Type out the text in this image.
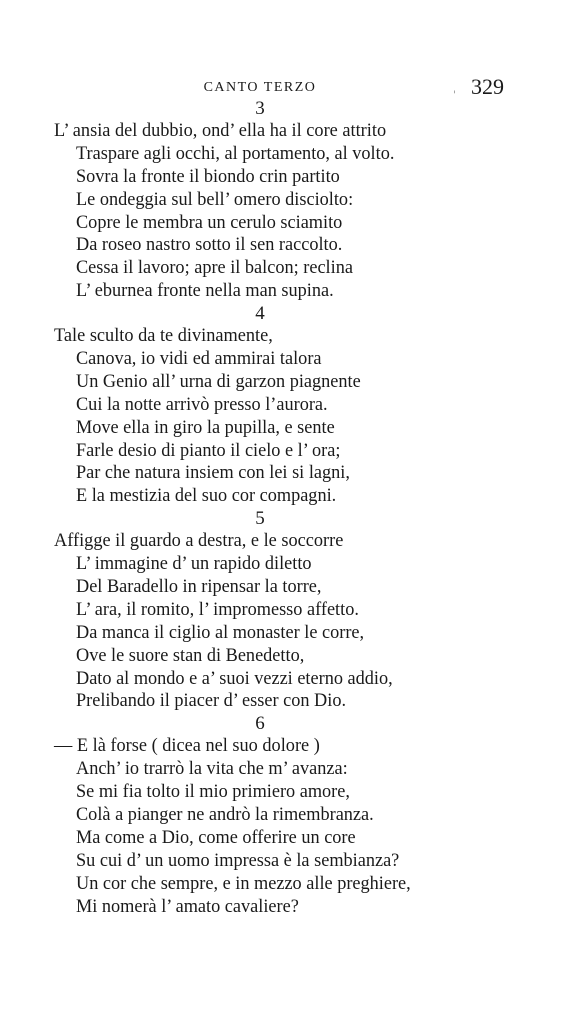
'
CANTO TERZO	329
3
L’ ansia del dubbio, ond’ ella ha il core attrito
Traspare agli occhi, al portamento, al volto.
Sovra la fronte il biondo crin partito
Le ondeggia sul bell’ omero disciolto:
Copre le membra un cerulo sciamito
Da roseo nastro sotto il sen raccolto.
Cessa il lavoro; apre il balcon; reclina
L’ eburnea fronte nella man supina.
4
Tale sculto da te divinamente,
Canova, io vidi ed ammirai talora
Un Genio all’ urna di garzon piagnente
Cui la notte arrivò presso l’aurora.
Move ella in giro la pupilla, e sente
Farle desio di pianto il cielo e l’ ora;
Par che natura insiem con lei si lagni,
E la mestizia del suo cor compagni.
5
Affigge il guardo a destra, e le soccorre
L’ immagine d’ un rapido diletto
Del Baradello in ripensar la torre,
L’ ara, il romito, l’ impromesso affetto.
Da manca il ciglio al monaster le corre,
Ove le suore stan di Benedetto,
Dato al mondo e a’ suoi vezzi eterno addio,
Prelibando il piacer d’ esser con Dio.
6
— E là forse ( dicea nel suo dolore )
Anch’ io trarrò la vita che m’ avanza:
Se mi fia tolto il mio primiero amore,
Colà a pianger ne andrò la rimembranza.
Ma come a Dio, come offerire un core
Su cui d’ un uomo impressa è la sembianza?
Un cor che sempre, e in mezzo alle preghiere,
Mi nomerà l’ amato cavaliere?
